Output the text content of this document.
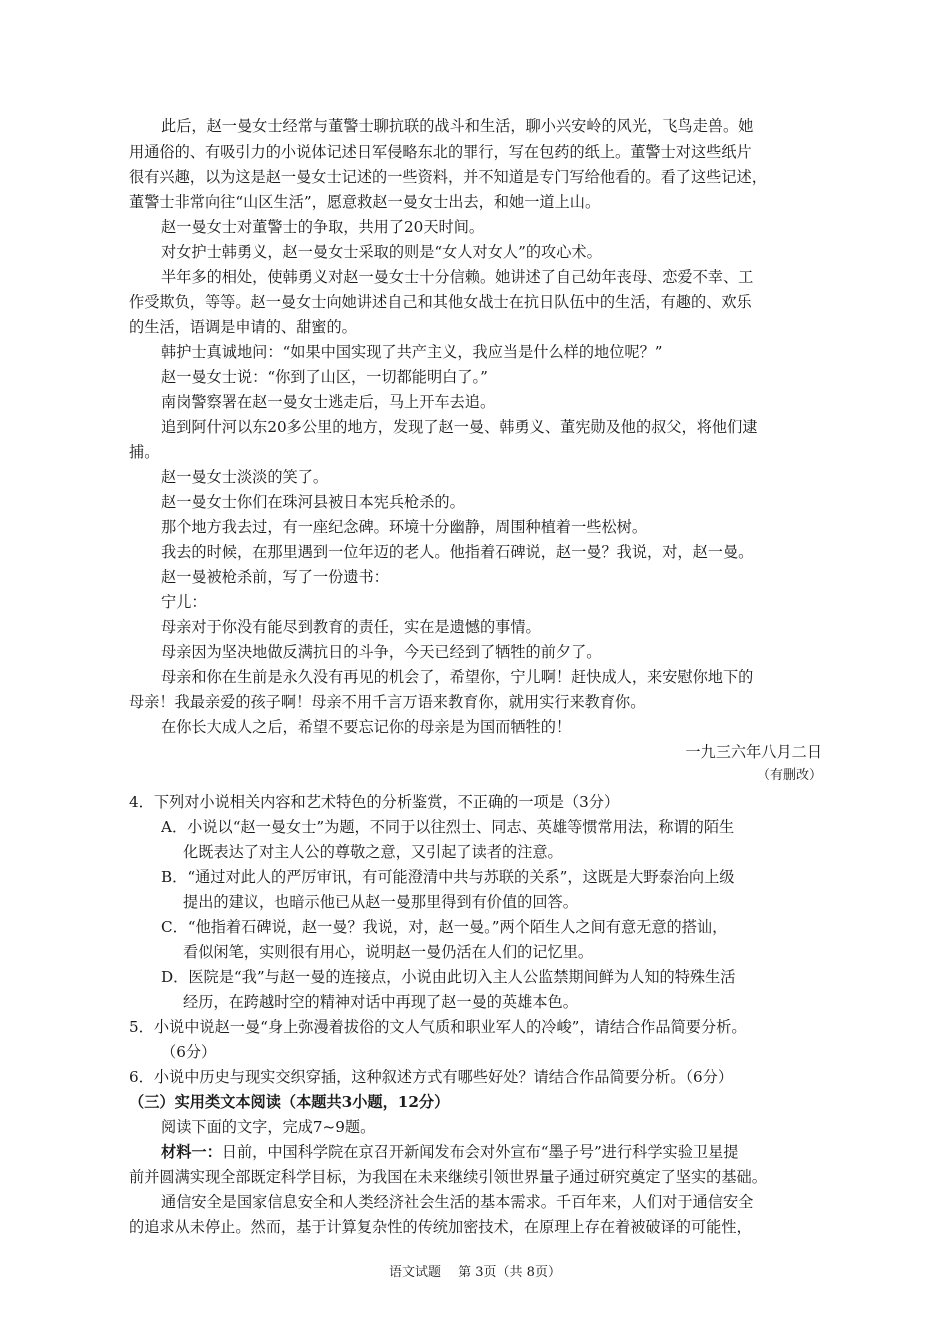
此后，赵一曼女士经常与董警士聊抗联的战斗和生活，聊小兴安岭的风光，飞鸟走兽。她
用通俗的、有吸引力的小说体记述日军侵略东北的罪行，写在包药的纸上。董警士对这些纸片
很有兴趣，以为这是赵一曼女士记述的一些资料，并不知道是专门写给他看的。看了这些记述，
董警士非常向往“山区生活”，愿意救赵一曼女士出去，和她一道上山。
赵一曼女士对董警士的争取，共用了20天时间。
对女护士韩勇义，赵一曼女士采取的则是“女人对女人”的攻心术。
半年多的相处，使韩勇义对赵一曼女士十分信赖。她讲述了自己幼年丧母、恋爱不幸、工
作受欺负，等等。赵一曼女士向她讲述自己和其他女战士在抗日队伍中的生活，有趣的、欢乐
的生活，语调是申请的、甜蜜的。
韩护士真诚地问：“如果中国实现了共产主义，我应当是什么样的地位呢？”
赵一曼女士说：“你到了山区，一切都能明白了。”
南岗警察署在赵一曼女士逃走后，马上开车去追。
追到阿什河以东20多公里的地方，发现了赵一曼、韩勇义、董宪勋及他的叔父，将他们逮
捕。
赵一曼女士淡淡的笑了。
赵一曼女士你们在珠河县被日本宪兵枪杀的。
那个地方我去过，有一座纪念碑。环境十分幽静，周围种植着一些松树。
我去的时候，在那里遇到一位年迈的老人。他指着石碑说，赵一曼？我说，对，赵一曼。
赵一曼被枪杀前，写了一份遗书：
宁儿：
母亲对于你没有能尽到教育的责任，实在是遗憾的事情。
母亲因为坚决地做反满抗日的斗争，今天已经到了牺牲的前夕了。
母亲和你在生前是永久没有再见的机会了，希望你，宁儿啊！赶快成人，来安慰你地下的
母亲！我最亲爱的孩子啊！母亲不用千言万语来教育你，就用实行来教育你。
在你长大成人之后，希望不要忘记你的母亲是为国而牺牲的！
一九三六年八月二日
（有删改）
4．下列对小说相关内容和艺术特色的分析鉴赏，不正确的一项是（3分）
A．小说以“赵一曼女士”为题，不同于以往烈士、同志、英雄等惯常用法，称谓的陌生
化既表达了对主人公的尊敬之意，又引起了读者的注意。
B．“通过对此人的严厉审讯，有可能澄清中共与苏联的关系”，这既是大野泰治向上级
提出的建议，也暗示他已从赵一曼那里得到有价值的回答。
C．“他指着石碑说，赵一曼？我说，对，赵一曼。”两个陌生人之间有意无意的搭讪，
看似闲笔，实则很有用心，说明赵一曼仍活在人们的记忆里。
D．医院是“我”与赵一曼的连接点，小说由此切入主人公监禁期间鲜为人知的特殊生活
经历，在跨越时空的精神对话中再现了赵一曼的英雄本色。
5．小说中说赵一曼“身上弥漫着拔俗的文人气质和职业军人的冷峻”，请结合作品简要分析。
（6分）
6．小说中历史与现实交织穿插，这种叙述方式有哪些好处？请结合作品简要分析。（6分）
（三）实用类文本阅读（本题共3小题，12分）
阅读下面的文字，完成7~9题。
材料一：日前，中国科学院在京召开新闻发布会对外宣布“墨子号”进行科学实验卫星提
前并圆满实现全部既定科学目标，为我国在未来继续引领世界量子通过研究奠定了坚实的基础。
通信安全是国家信息安全和人类经济社会生活的基本需求。千百年来，人们对于通信安全
的追求从未停止。然而，基于计算复杂性的传统加密技术，在原理上存在着被破译的可能性，
语文试题　 第 3页（共 8页）
